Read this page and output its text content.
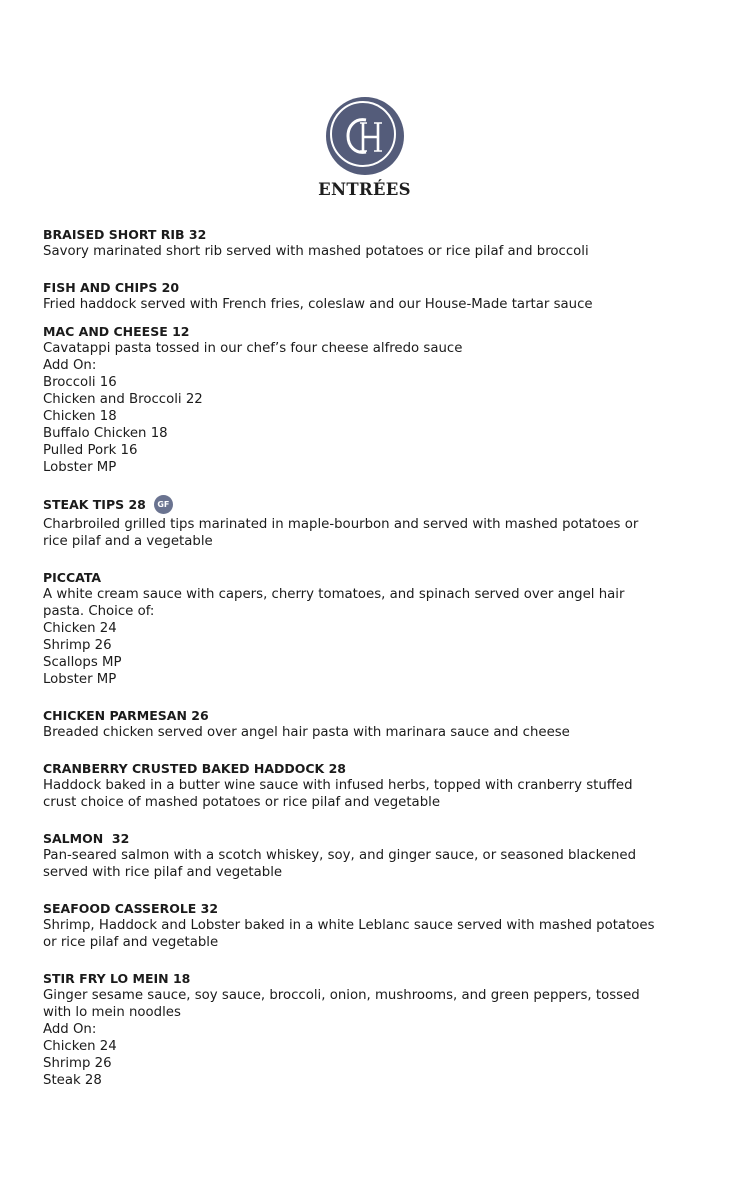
ENTRÉES

BRAISED SHORT RIB 32

Savory marinated short rib served with mashed potatoes or rice pilaf and broccoli

FISH AND CHIPS 20

Fried haddock served with French fries, coleslaw and our House-Made tartar sauce

MAC AND CHEESE 12

Cavatappi pasta tossed in our chef’s four cheese alfredo sauce

Add On:

Broccoli 16

Chicken and Broccoli 22

Chicken 18

Buffalo Chicken 18

Pulled Pork 16

Lobster MP

STEAK TIPS 28	GF

Charbroiled grilled tips marinated in maple-bourbon and served with mashed potatoes or

rice pilaf and a vegetable

PICCATA

A white cream sauce with capers, cherry tomatoes, and spinach served over angel hair

pasta. Choice of:

Chicken 24

Shrimp 26

Scallops MP

Lobster MP

CHICKEN PARMESAN 26

Breaded chicken served over angel hair pasta with marinara sauce and cheese

CRANBERRY CRUSTED BAKED HADDOCK 28

Haddock baked in a butter wine sauce with infused herbs, topped with cranberry stuffed

crust choice of mashed potatoes or rice pilaf and vegetable

SALMON  32

Pan-seared salmon with a scotch whiskey, soy, and ginger sauce, or seasoned blackened

served with rice pilaf and vegetable

SEAFOOD CASSEROLE 32

Shrimp, Haddock and Lobster baked in a white Leblanc sauce served with mashed potatoes

or rice pilaf and vegetable

STIR FRY LO MEIN 18

Ginger sesame sauce, soy sauce, broccoli, onion, mushrooms, and green peppers, tossed

with lo mein noodles

Add On:

Chicken 24

Shrimp 26

Steak 28
